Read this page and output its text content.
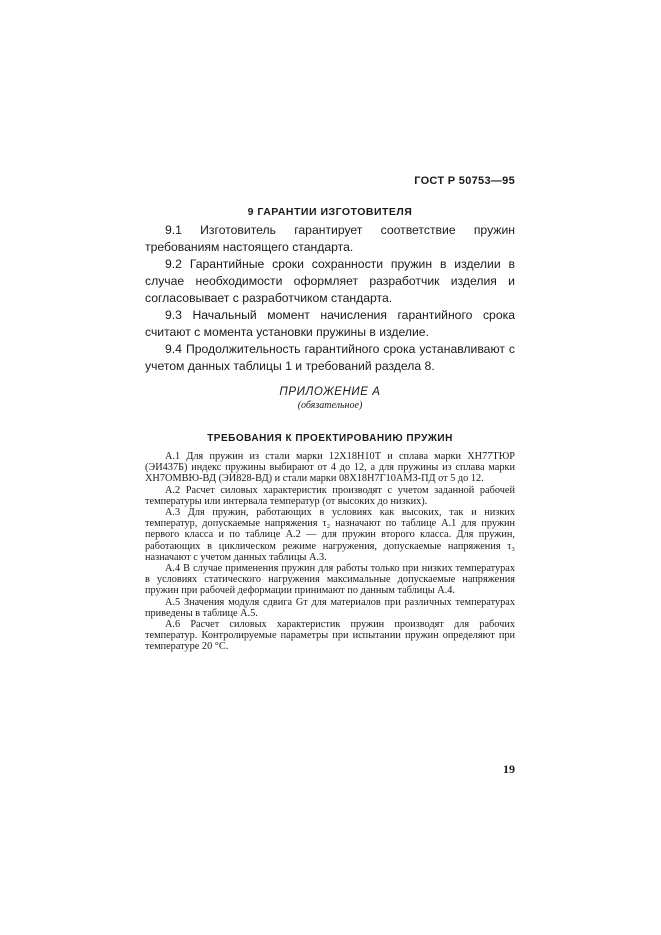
ГОСТ Р 50753—95
9 ГАРАНТИИ ИЗГОТОВИТЕЛЯ

9.1 Изготовитель гарантирует соответствие пружин требованиям настоящего стандарта.

9.2 Гарантийные сроки сохранности пружин в изделии в случае необходимости оформляет разработчик изделия и согласовывает с разработчиком стандарта.

9.3 Начальный момент начисления гарантийного срока считают с момента установки пружины в изделие.

9.4 Продолжительность гарантийного срока устанавливают с учетом данных таблицы 1 и требований раздела 8.

ПРИЛОЖЕНИЕ А
(обязательное)
ТРЕБОВАНИЯ К ПРОЕКТИРОВАНИЮ ПРУЖИН

А.1 Для пружин из стали марки 12Х18Н10Т и сплава марки ХН77ТЮР (ЭИ437Б) индекс пружины выбирают от 4 до 12, а для пружины из сплава марки ХН7ОМВЮ-ВД (ЭИ828-ВД) и стали марки 08Х18Н7Г10АМЗ-ПД от 5 до 12.

А.2 Расчет силовых характеристик производят с учетом заданной рабочей температуры или интервала температур (от высоких до низких).

А.3 Для пружин, работающих в условиях как высоких, так и низких температур, допускаемые напряжения τ₂ назначают по таблице А.1 для пружин первого класса и по таблице А.2 — для пружин второго класса. Для пружин, работающих в циклическом режиме нагружения, допускаемые напряжения τ₃ назначают с учетом данных таблицы А.3.

А.4 В случае применения пружин для работы только при низких температурах в условиях статического нагружения максимальные допускаемые напряжения пружин при рабочей деформации принимают по данным таблицы А.4.

А.5 Значения модуля сдвига Gт для материалов при различных температурах приведены в таблице А.5.

А.6 Расчет силовых характеристик пружин производят для рабочих температур. Контролируемые параметры при испытании пружин определяют при температуре 20 °С.

19
